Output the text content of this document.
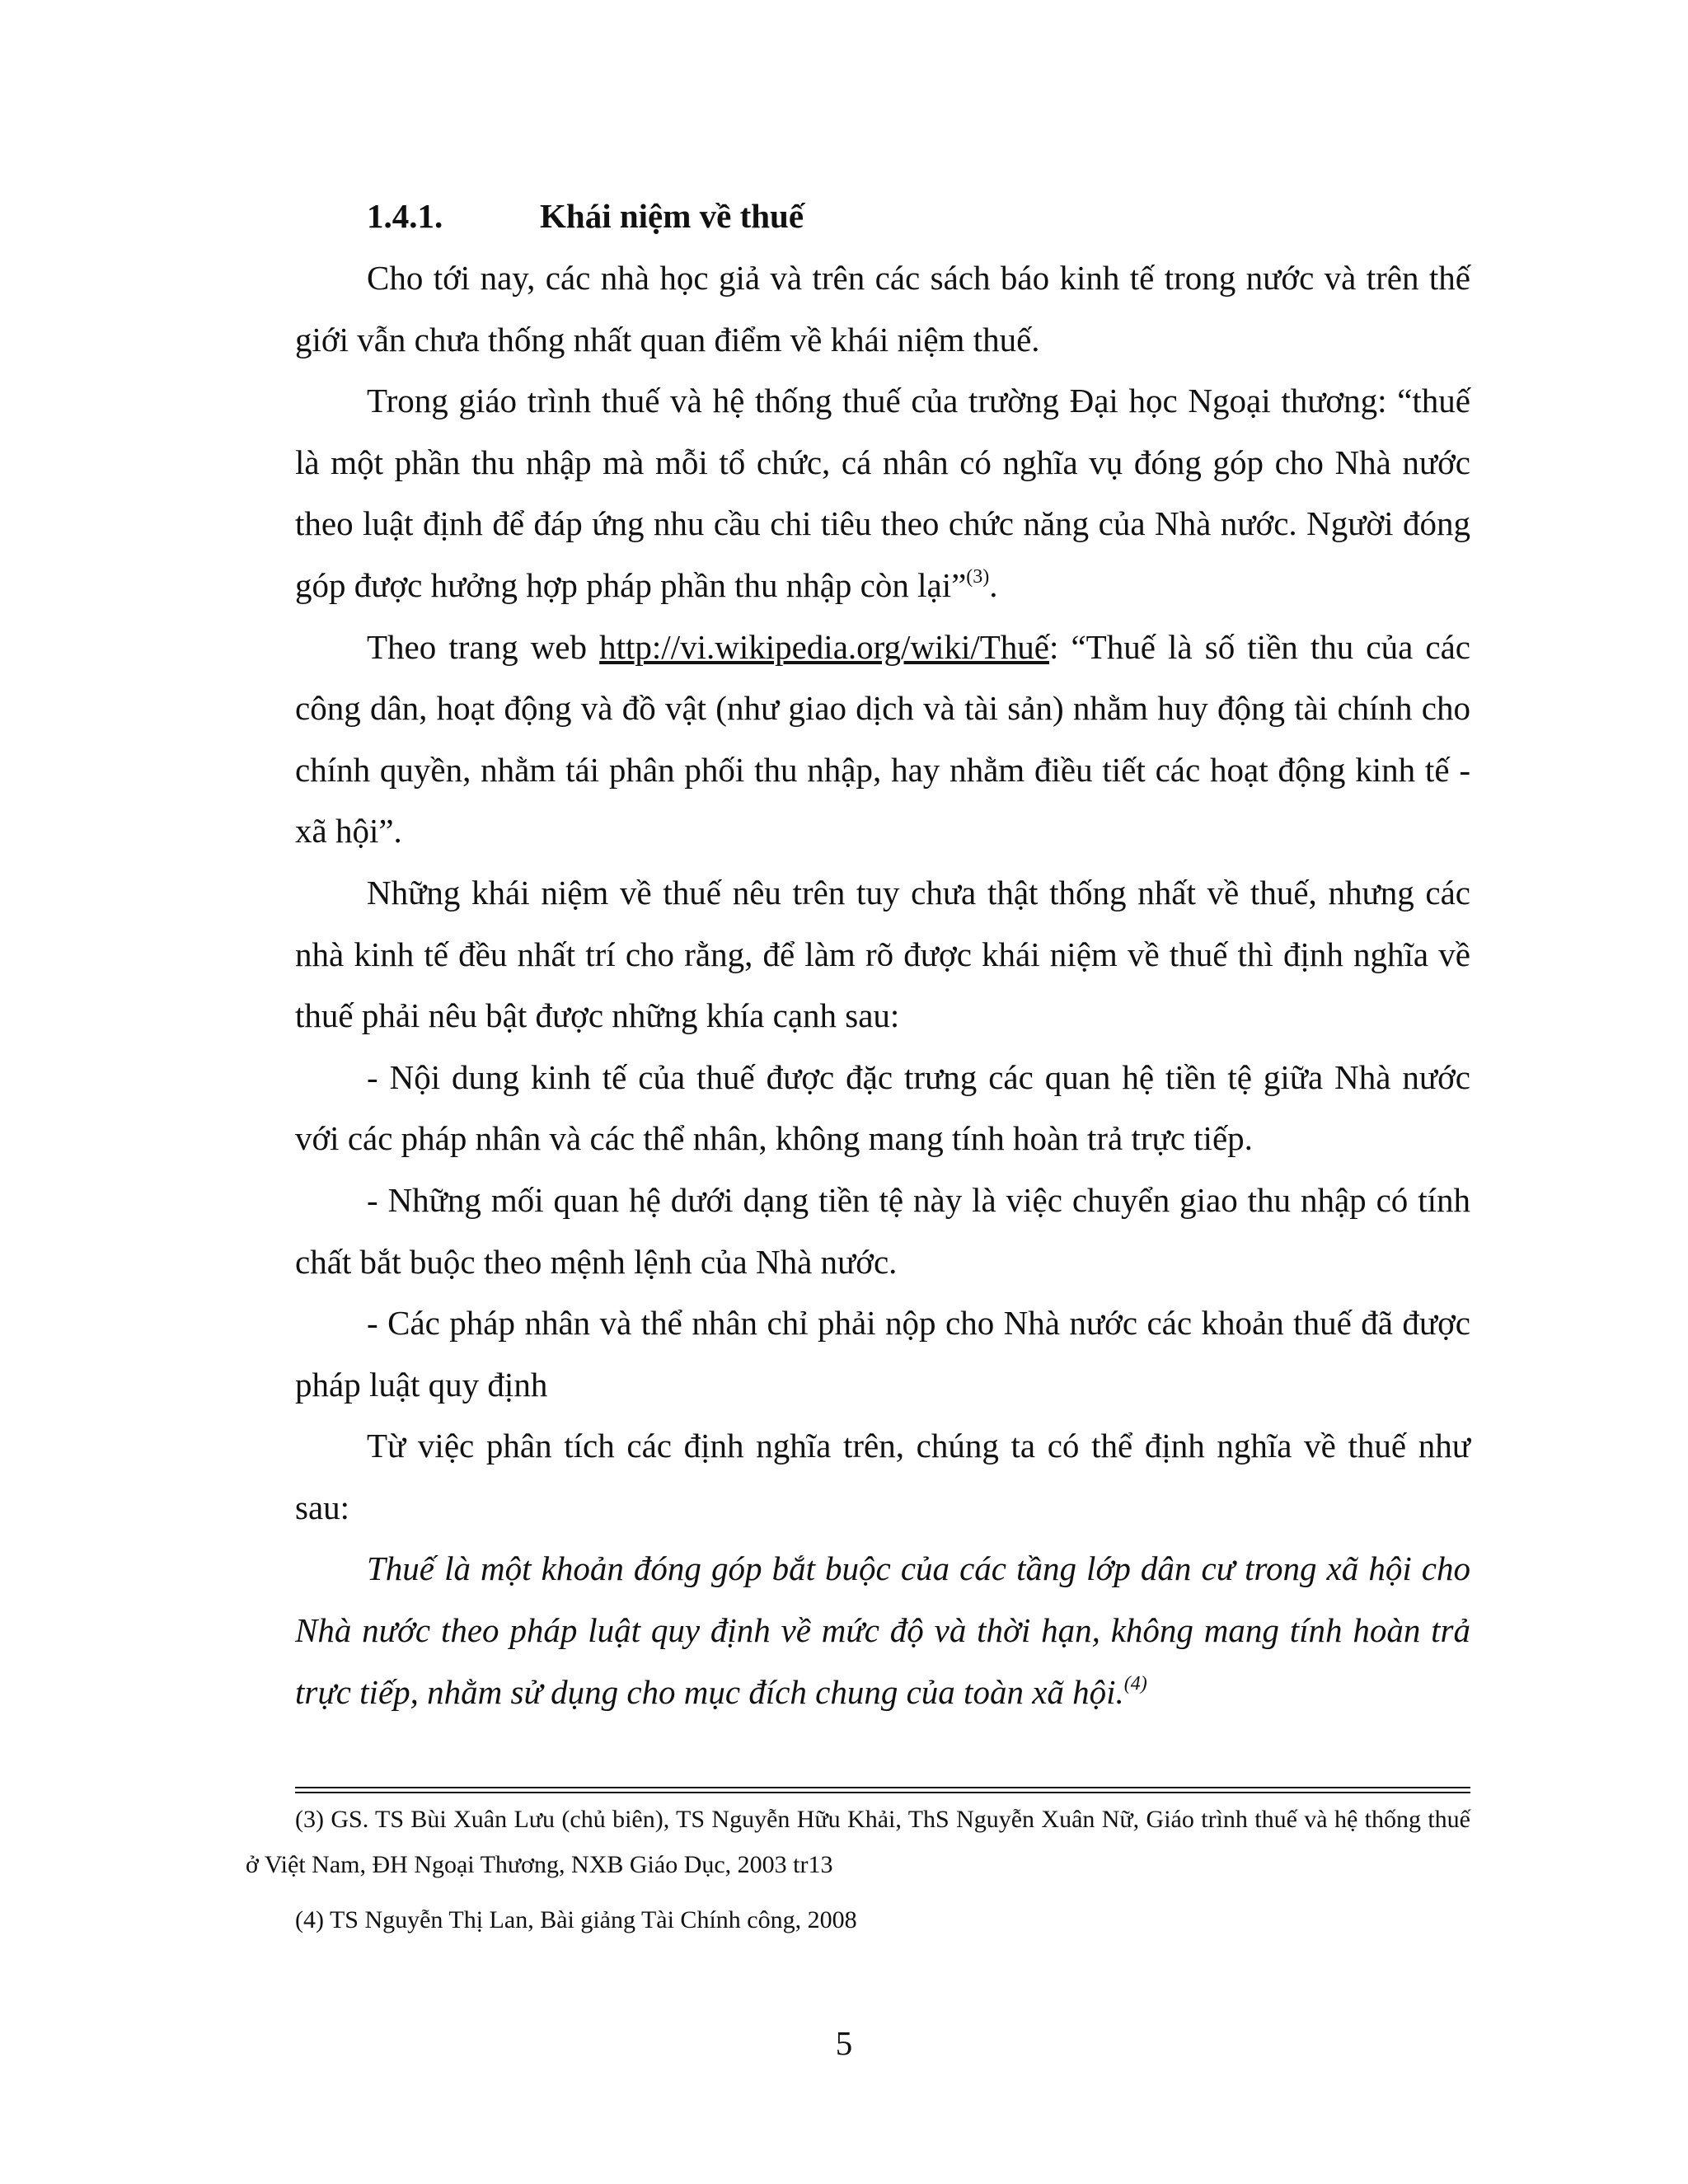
1.4.1.	Khái niệm về thuế

Cho tới nay, các nhà học giả và trên các sách báo kinh tế trong nước và trên thế giới vẫn chưa thống nhất quan điểm về khái niệm thuế.

Trong giáo trình thuế và hệ thống thuế của trường Đại học Ngoại thương: “thuế là một phần thu nhập mà mỗi tổ chức, cá nhân có nghĩa vụ đóng góp cho Nhà nước theo luật định để đáp ứng nhu cầu chi tiêu theo chức năng của Nhà nước. Người đóng góp được hưởng hợp pháp phần thu nhập còn lại”$^{(3)}$.

Theo trang web http://vi.wikipedia.org/wiki/Thuế: “Thuế là số tiền thu của các công dân, hoạt động và đồ vật (như giao dịch và tài sản) nhằm huy động tài chính cho chính quyền, nhằm tái phân phối thu nhập, hay nhằm điều tiết các hoạt động kinh tế - xã hội”.

Những khái niệm về thuế nêu trên tuy chưa thật thống nhất về thuế, nhưng các nhà kinh tế đều nhất trí cho rằng, để làm rõ được khái niệm về thuế thì định nghĩa về thuế phải nêu bật được những khía cạnh sau:

- Nội dung kinh tế của thuế được đặc trưng các quan hệ tiền tệ giữa Nhà nước với các pháp nhân và các thể nhân, không mang tính hoàn trả trực tiếp.

- Những mối quan hệ dưới dạng tiền tệ này là việc chuyển giao thu nhập có tính chất bắt buộc theo mệnh lệnh của Nhà nước.

- Các pháp nhân và thể nhân chỉ phải nộp cho Nhà nước các khoản thuế đã được pháp luật quy định

Từ việc phân tích các định nghĩa trên, chúng ta có thể định nghĩa về thuế như sau:

Thuế là một khoản đóng góp bắt buộc của các tầng lớp dân cư trong xã hội cho Nhà nước theo pháp luật quy định về mức độ và thời hạn, không mang tính hoàn trả trực tiếp, nhằm sử dụng cho mục đích chung của toàn xã hội.$^{(4)}$

(3) GS. TS Bùi Xuân Lưu (chủ biên), TS Nguyễn Hữu Khải, ThS Nguyễn Xuân Nữ, Giáo trình thuế và hệ thống thuế ở Việt Nam, ĐH Ngoại Thương, NXB Giáo Dục, 2003 tr13

(4) TS Nguyễn Thị Lan, Bài giảng Tài Chính công, 2008

5
